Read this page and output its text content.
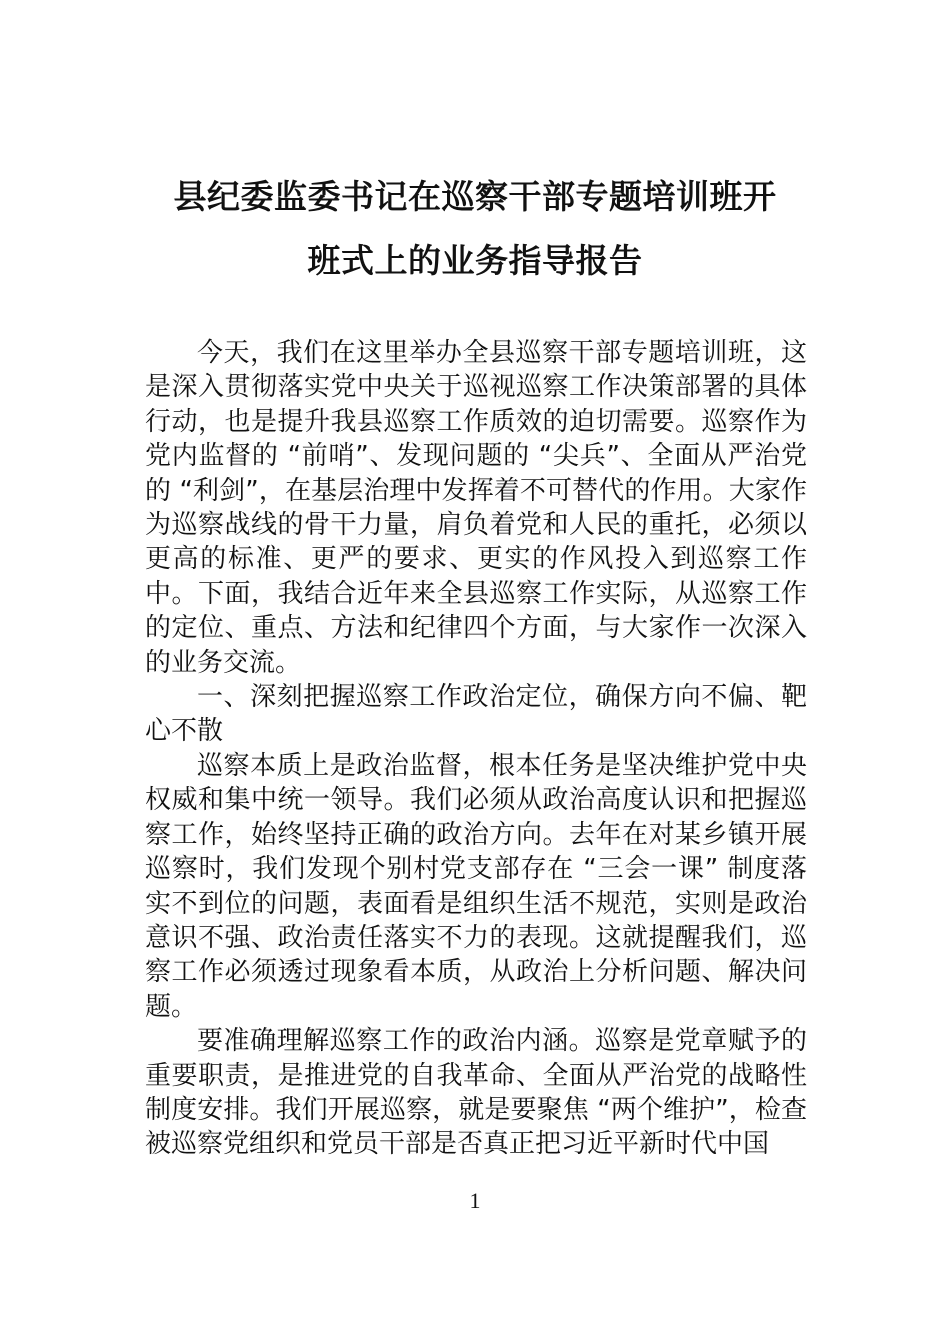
县纪委监委书记在巡察干部专题培训班开
班式上的业务指导报告

今天，我们在这里举办全县巡察干部专题培训班，这是深入贯彻落实党中央关于巡视巡察工作决策部署的具体行动，也是提升我县巡察工作质效的迫切需要。巡察作为党内监督的 “前哨”、发现问题的 “尖兵”、全面从严治党的 “利剑”，在基层治理中发挥着不可替代的作用。大家作为巡察战线的骨干力量，肩负着党和人民的重托，必须以更高的标准、更严的要求、更实的作风投入到巡察工作中。下面，我结合近年来全县巡察工作实际，从巡察工作的定位、重点、方法和纪律四个方面，与大家作一次深入的业务交流。

一、深刻把握巡察工作政治定位，确保方向不偏、靶心不散

巡察本质上是政治监督，根本任务是坚决维护党中央权威和集中统一领导。我们必须从政治高度认识和把握巡察工作，始终坚持正确的政治方向。去年在对某乡镇开展巡察时，我们发现个别村党支部存在 “三会一课” 制度落实不到位的问题，表面看是组织生活不规范，实则是政治意识不强、政治责任落实不力的表现。这就提醒我们，巡察工作必须透过现象看本质，从政治上分析问题、解决问题。

要准确理解巡察工作的政治内涵。巡察是党章赋予的重要职责，是推进党的自我革命、全面从严治党的战略性制度安排。我们开展巡察，就是要聚焦 “两个维护”，检查被巡察党组织和党员干部是否真正把习近平新时代中国

1
